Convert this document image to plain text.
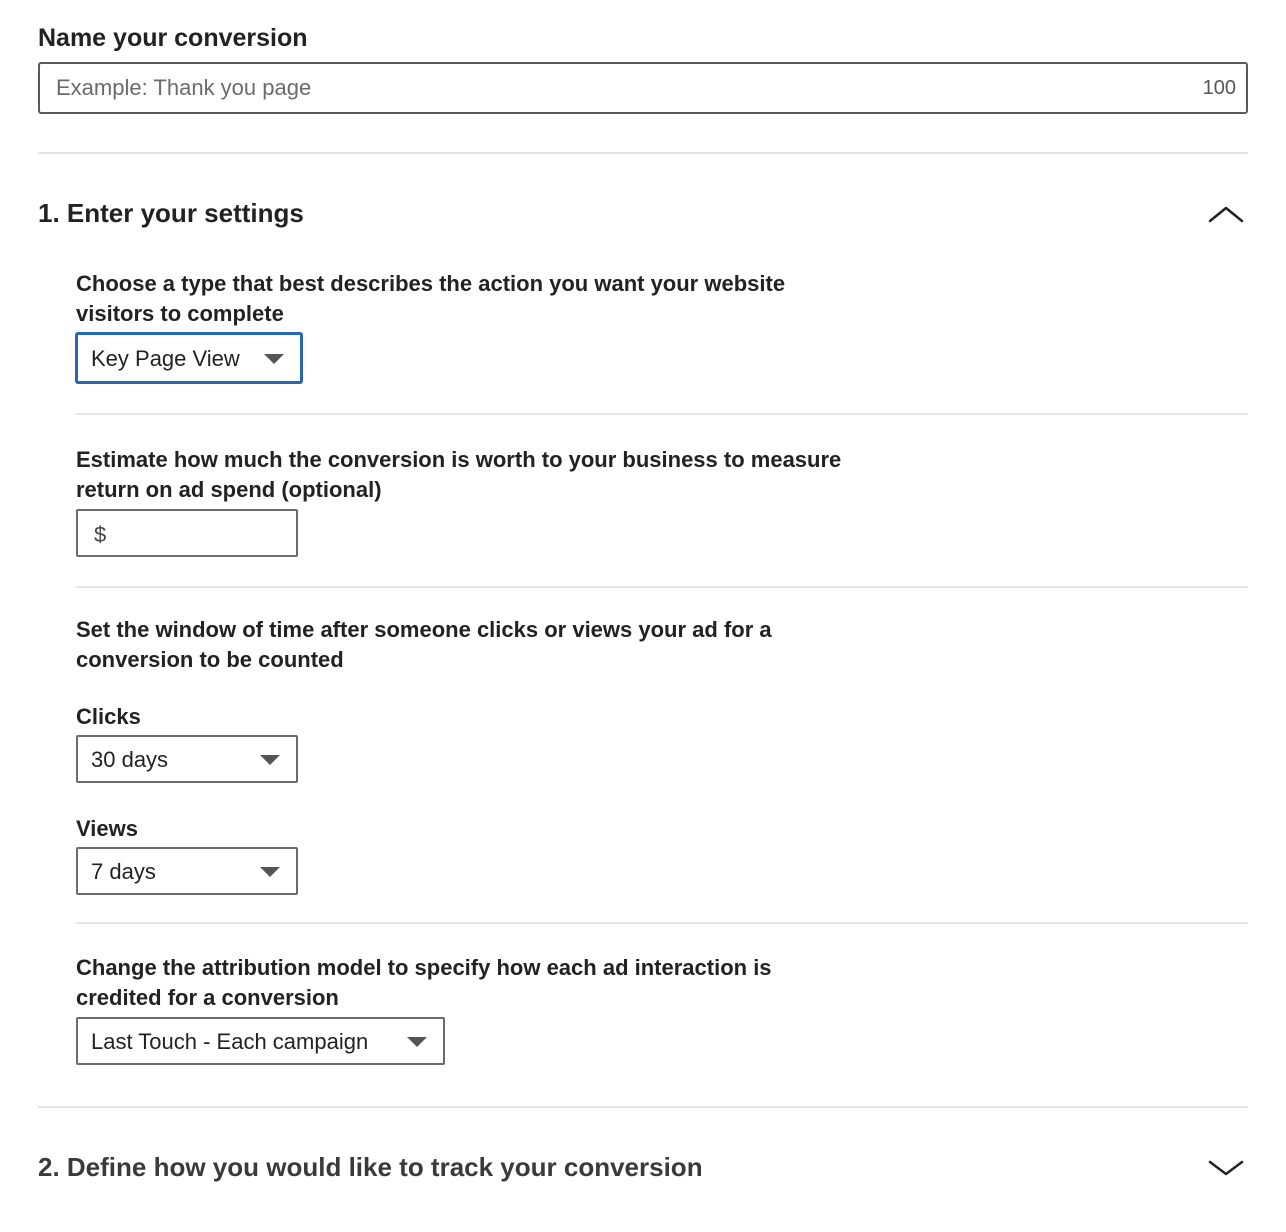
Name your conversion
Example: Thank you page
100
1. Enter your settings
Choose a type that best describes the action you want your website visitors to complete
Key Page View
Estimate how much the conversion is worth to your business to measure return on ad spend (optional)
$
Set the window of time after someone clicks or views your ad for a conversion to be counted
Clicks
30 days
Views
7 days
Change the attribution model to specify how each ad interaction is credited for a conversion
Last Touch - Each campaign
2. Define how you would like to track your conversion
